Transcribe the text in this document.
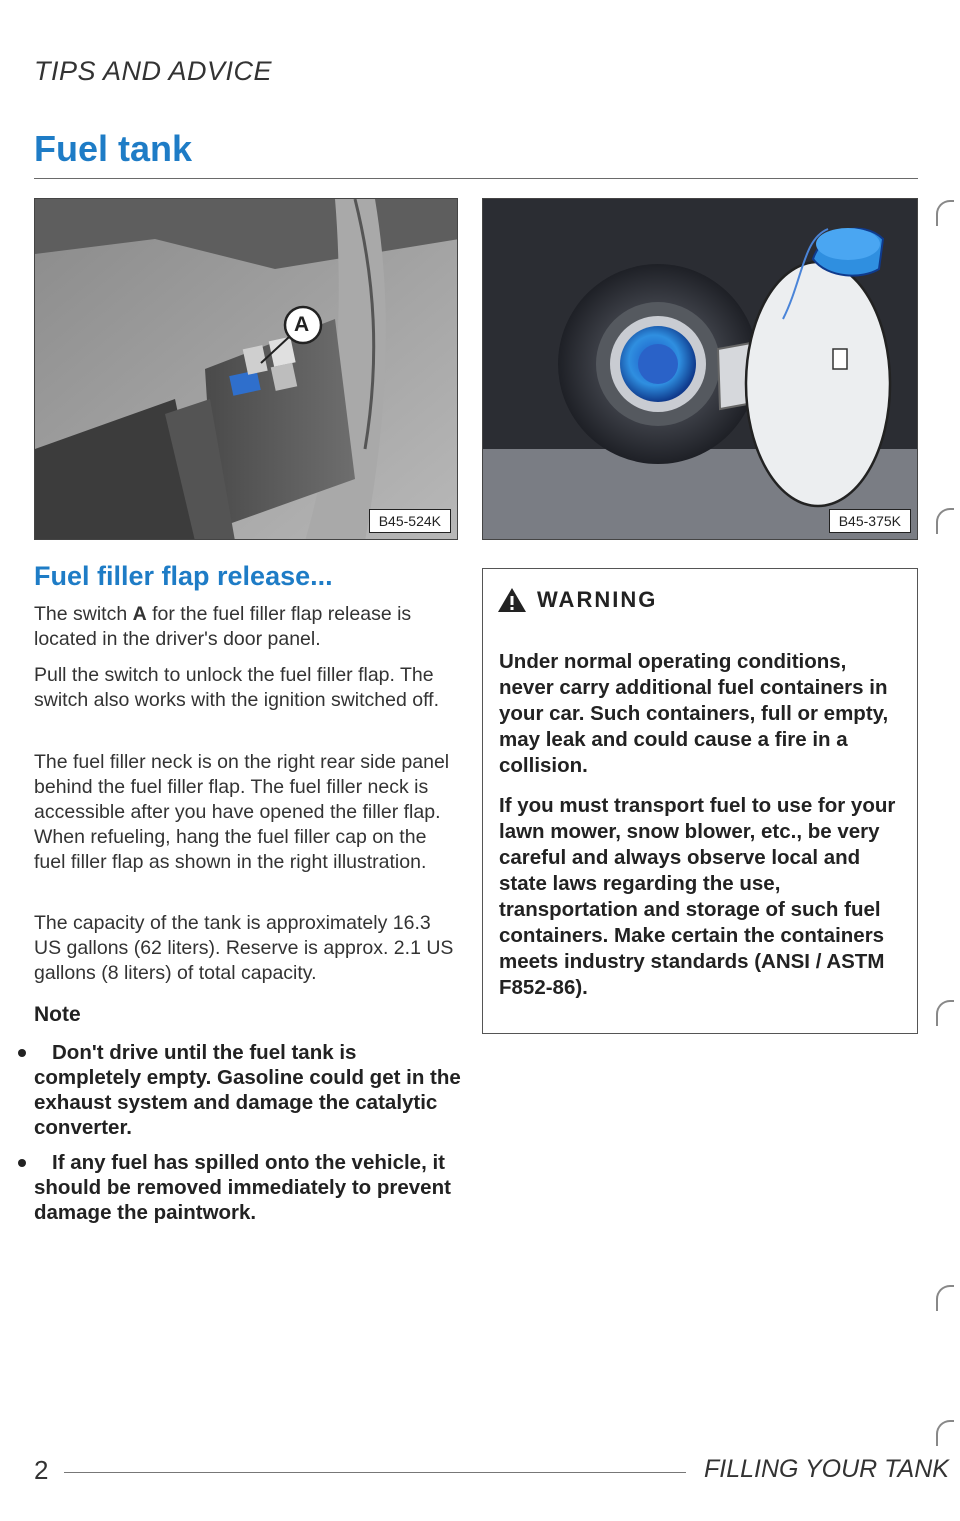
TIPS AND ADVICE
Fuel tank
A
B45-524K	B45-375K
Fuel filler flap release...
The switch A for the fuel filler flap release is located in the driver's door panel.
Pull the switch to unlock the fuel filler flap. The switch also works with the ignition switched off.
The fuel filler neck is on the right rear side panel behind the fuel filler flap. The fuel filler neck is accessible after you have opened the filler flap. When refueling, hang the fuel filler cap on the fuel filler flap as shown in the right illustration.
The capacity of the tank is approximately 16.3 US gallons (62 liters). Reserve is approx. 2.1 US gallons (8 liters) of total capacity.
Note
Don't drive until the fuel tank is completely empty. Gasoline could get in the exhaust system and damage the catalytic converter.
If any fuel has spilled onto the vehicle, it should be removed immediately to prevent damage the paintwork.
WARNING

Under normal operating conditions, never carry additional fuel containers in your car. Such containers, full or empty, may leak and could cause a fire in a collision.

If you must transport fuel to use for your lawn mower, snow blower, etc., be very careful and always observe local and state laws regarding the use, transportation and storage of such fuel containers. Make certain the containers meets industry standards (ANSI / ASTM F852-86).

2	FILLING YOUR TANK
